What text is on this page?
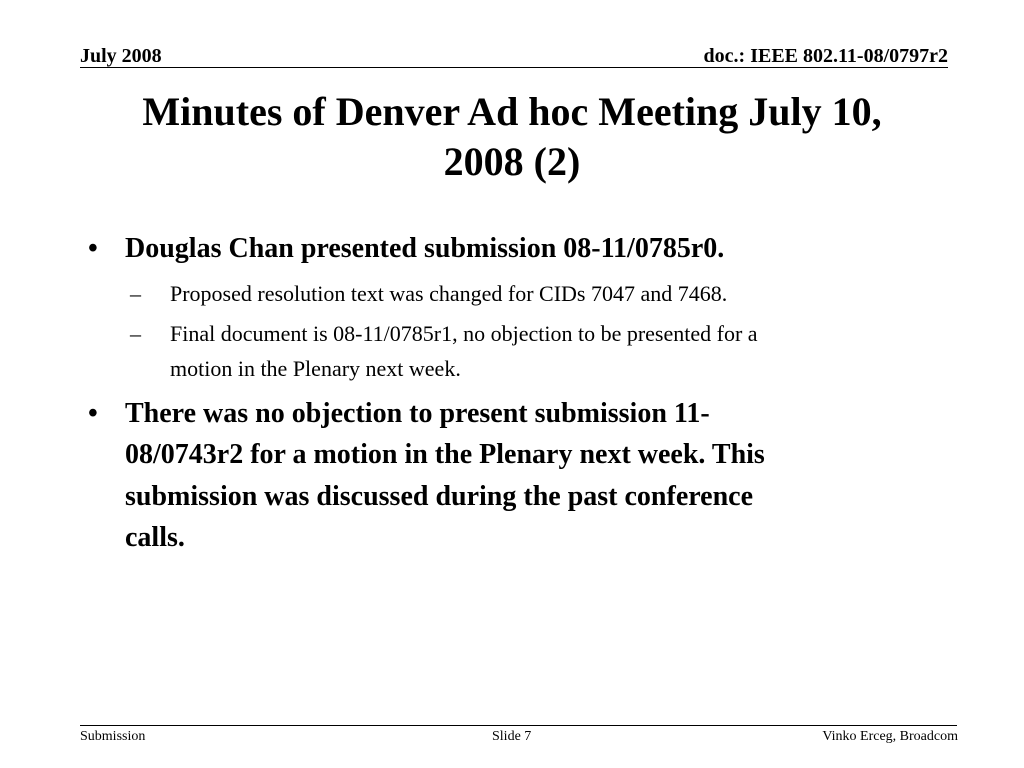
July 2008	doc.: IEEE 802.11-08/0797r2
Minutes of Denver Ad hoc Meeting July 10,
2008 (2)
• Douglas Chan presented submission 08-11/0785r0.
– Proposed resolution text was changed for CIDs 7047 and 7468.
– Final document is 08-11/0785r1, no objection to be presented for a
motion in the Plenary next week.
• There was no objection to present submission 11-
08/0743r2 for a motion in the Plenary next week. This
submission was discussed during the past conference
calls.
Submission	Slide 7	Vinko Erceg, Broadcom
